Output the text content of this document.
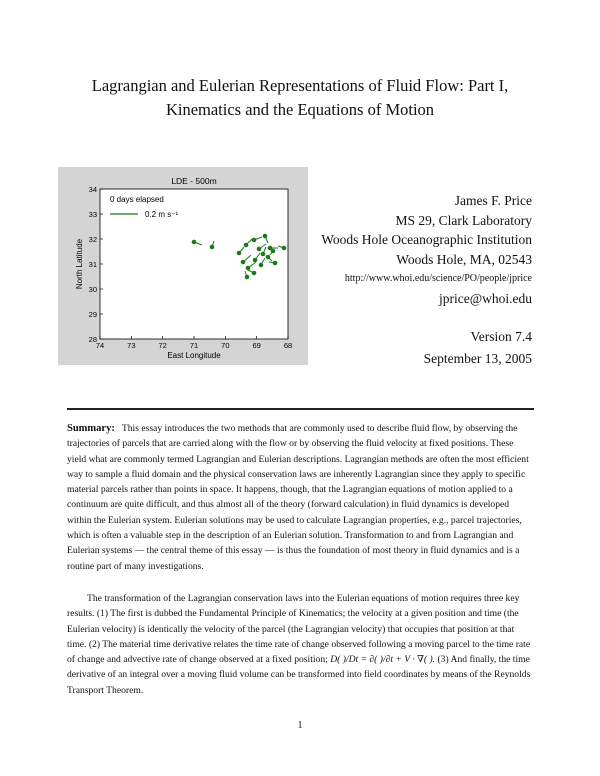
Lagrangian and Eulerian Representations of Fluid Flow: Part I,
Kinematics and the Equations of Motion
LDE - 500m
0 days elapsed
0.2 m s⁻¹
74	73	72	71	70	69	68
34
33
32
31
30
29
28
East Longitude
North Latitude
James F. Price
MS 29, Clark Laboratory
Woods Hole Oceanographic Institution
Woods Hole, MA, 02543
http://www.whoi.edu/science/PO/people/jprice
jprice@whoi.edu
Version 7.4
September 13, 2005

Summary: This essay introduces the two methods that are commonly used to describe fluid flow, by observing the trajectories of parcels that are carried along with the flow or by observing the fluid velocity at fixed positions. These yield what are commonly termed Lagrangian and Eulerian descriptions. Lagrangian methods are often the most efficient way to sample a fluid domain and the physical conservation laws are inherently Lagrangian since they apply to specific material parcels rather than points in space. It happens, though, that the Lagrangian equations of motion applied to a continuum are quite difficult, and thus almost all of the theory (forward calculation) in fluid dynamics is developed within the Eulerian system. Eulerian solutions may be used to calculate Lagrangian properties, e.g., parcel trajectories, which is often a valuable step in the description of an Eulerian solution. Transformation to and from Lagrangian and Eulerian systems — the central theme of this essay — is thus the foundation of most theory in fluid dynamics and is a routine part of many investigations.

The transformation of the Lagrangian conservation laws into the Eulerian equations of motion requires three key results. (1) The first is dubbed the Fundamental Principle of Kinematics; the velocity at a given position and time (the Eulerian velocity) is identically the velocity of the parcel (the Lagrangian velocity) that occupies that position at that time. (2) The material time derivative relates the time rate of change observed following a moving parcel to the time rate of change and advective rate of change observed at a fixed position; D( )/Dt = ∂( )/∂t + V · ∇( ). (3) And finally, the time derivative of an integral over a moving fluid volume can be transformed into field coordinates by means of the Reynolds Transport Theorem.

1
